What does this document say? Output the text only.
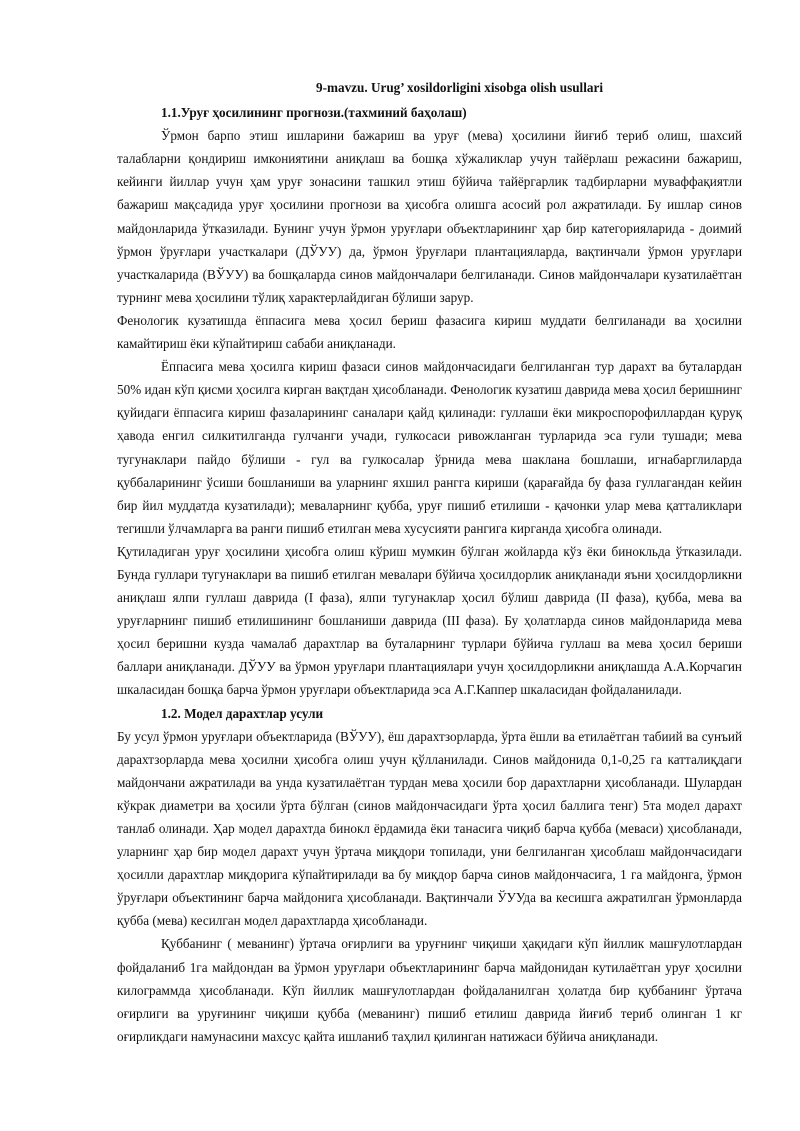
9-mavzu. Urug’ xosildorligini xisobga olish usullari

1.1.Уруғ ҳосилининг прогнози.(тахминий баҳолаш)

Ўрмон барпо этиш ишларини бажариш ва уруғ (мева) ҳосилини йиғиб териб олиш, шахсий талабларни қондириш имкониятини аниқлаш ва бошқа хўжаликлар учун тайёрлаш режасини бажариш, кейинги йиллар учун ҳам уруғ зонасини ташкил этиш бўйича тайёргарлик тадбирларни муваффақиятли бажариш мақсадида уруғ ҳосилини прогнози ва ҳисобга олишга асосий рол ажратилади. Бу ишлар синов майдонларида ўтказилади. Бунинг учун ўрмон уруғлари объектларининг ҳар бир категорияларида - доимий ўрмон ўруғлари участкалари (ДЎУУ) да, ўрмон ўруғлари плантацияларда, вақтинчали ўрмон уруғлари участкаларида (ВЎУУ) ва бошқаларда синов майдончалари белгиланади. Синов майдончалари кузатилаётган турнинг мева ҳосилини тўлиқ характерлайдиган бўлиши зарур.

Фенологик кузатишда ёппасига мева ҳосил бериш фазасига кириш муддати белгиланади ва ҳосилни камайтириш ёки кўпайтириш сабаби аниқланади.

Ёппасига мева ҳосилга кириш фазаси синов майдончасидаги белгиланган тур дарахт ва буталардан 50% идан кўп қисми ҳосилга кирган вақтдан ҳисобланади. Фенологик кузатиш даврида мева ҳосил беришнинг қуйидаги ёппасига кириш фазаларининг саналари қайд қилинади: гуллаши ёки микроспорофиллардан қуруқ ҳавода енгил силкитилганда гулчанги учади, гулкосаси ривожланган турларида эса гули тушади; мева тугунаклари пайдо бўлиши - гул ва гулкосалар ўрнида мева шаклана бошлаши, игнабарглиларда қуббаларининг ўсиши бошланиши ва уларнинг яхшил рангга кириши (қарағайда бу фаза гуллагандан кейин бир йил муддатда кузатилади); меваларнинг қубба, уруғ пишиб етилиши - қачонки улар мева қатталиклари тегишли ўлчамларга ва ранги пишиб етилган мева хусусияти рангига кирганда ҳисобга олинади.

Қутиладиган уруғ ҳосилини ҳисобга олиш кўриш мумкин бўлган жойларда кўз ёки бинокльда ўтказилади. Бунда гуллари тугунаклари ва пишиб етилган мевалари бўйича ҳосилдорлик аниқланади яъни ҳосилдорликни аниқлаш ялпи гуллаш даврида (I фаза), ялпи тугунаклар ҳосил бўлиш даврида (II фаза), қубба, мева ва уруғларнинг пишиб етилишининг бошланиши даврида (III фаза). Бу ҳолатларда синов майдонларида мева ҳосил беришни кузда чамалаб дарахтлар ва буталарнинг турлари бўйича гуллаш ва мева ҳосил бериши баллари аниқланади. ДЎУУ ва ўрмон уруғлари плантациялари учун ҳосилдорликни аниқлашда А.А.Корчагин шкаласидан бошқа барча ўрмон уруғлари объектларида эса А.Г.Каппер шкаласидан фойдаланилади.

1.2. Модел дарахтлар усули

Бу усул ўрмон уруғлари объектларида (ВЎУУ), ёш дарахтзорларда, ўрта ёшли ва етилаётган табиий ва сунъий дарахтзорларда мева ҳосилни ҳисобга олиш учун қўлланилади. Синов майдонида 0,1-0,25 га катталиқдаги майдончани ажратилади ва унда кузатилаётган турдан мева ҳосили бор дарахтларни ҳисобланади. Шулардан кўкрак диаметри ва ҳосили ўрта бўлган (синов майдончасидаги ўрта ҳосил баллига тенг) 5та модел дарахт танлаб олинади. Ҳар модел дарахтда бинокл ёрдамида ёки танасига чиқиб барча қубба (меваси) ҳисобланади, уларнинг ҳар бир модел дарахт учун ўртача миқдори топилади, уни белгиланган ҳисоблаш майдончасидаги ҳосилли дарахтлар миқдорига кўпайтирилади ва бу миқдор барча синов майдончасига, 1 га майдонга, ўрмон ўруғлари объектининг барча майдонига ҳисобланади. Вақтинчали ЎУУда ва кесишга ажратилган ўрмонларда қубба (мева) кесилган модел дарахтларда ҳисобланади.

Қуббанинг ( меванинг) ўртача оғирлиги ва уруғнинг чиқиши ҳақидаги кўп йиллик машғулотлардан фойдаланиб 1га майдондан ва ўрмон уруғлари объектларининг барча майдонидан кутилаётган уруғ ҳосилни килограммда ҳисобланади. Кўп йиллик машғулотлардан фойдаланилган ҳолатда бир қуббанинг ўртача оғирлиги ва уруғининг чиқиши қубба (меванинг) пишиб етилиш даврида йиғиб териб олинган 1 кг оғирликдаги намунасини махсус қайта ишланиб таҳлил қилинган натижаси бўйича аниқланади.
